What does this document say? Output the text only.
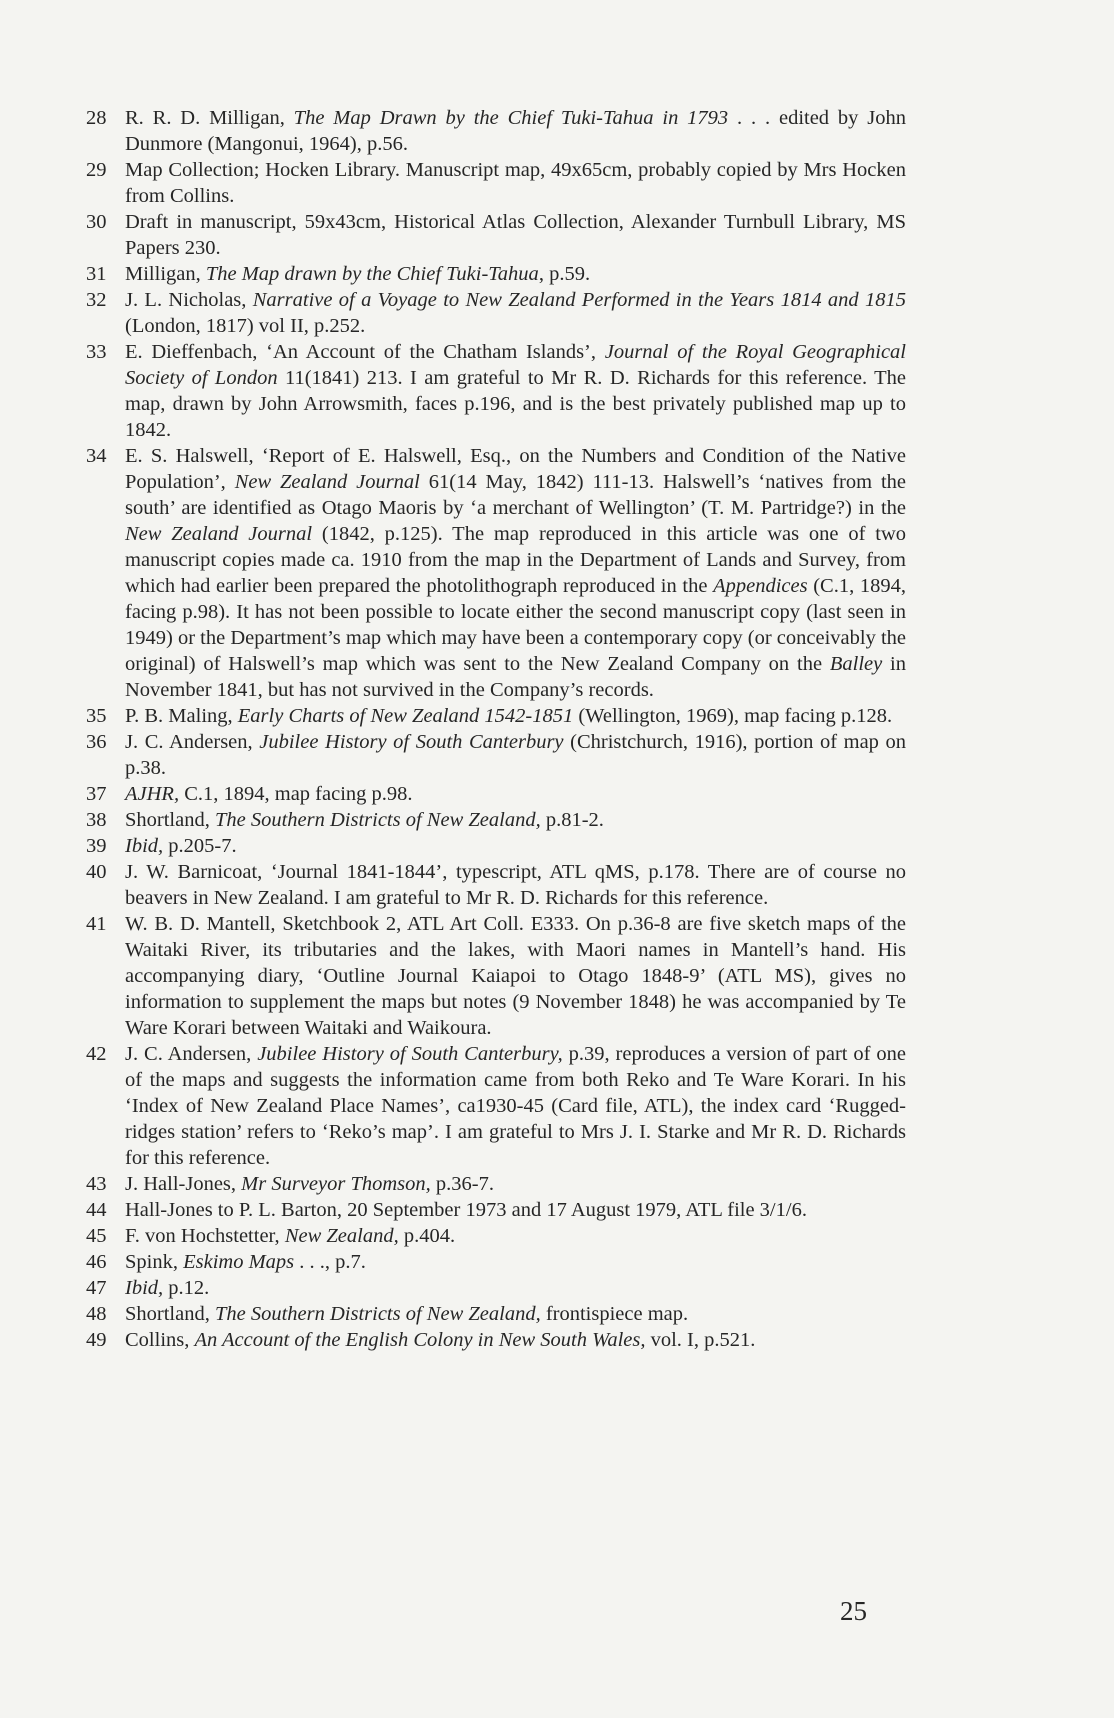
28 R. R. D. Milligan, The Map Drawn by the Chief Tuki-Tahua in 1793 . . . edited by John Dunmore (Mangonui, 1964), p.56.
29 Map Collection; Hocken Library. Manuscript map, 49x65cm, probably copied by Mrs Hocken from Collins.
30 Draft in manuscript, 59x43cm, Historical Atlas Collection, Alexander Turnbull Library, MS Papers 230.
31 Milligan, The Map drawn by the Chief Tuki-Tahua, p.59.
32 J. L. Nicholas, Narrative of a Voyage to New Zealand Performed in the Years 1814 and 1815 (London, 1817) vol II, p.252.
33 E. Dieffenbach, ‘An Account of the Chatham Islands’, Journal of the Royal Geographical Society of London 11(1841) 213. I am grateful to Mr R. D. Richards for this reference. The map, drawn by John Arrowsmith, faces p.196, and is the best privately published map up to 1842.
34 E. S. Halswell, ‘Report of E. Halswell, Esq., on the Numbers and Condition of the Native Population’, New Zealand Journal 61(14 May, 1842) 111-13. Halswell’s ‘natives from the south’ are identified as Otago Maoris by ‘a merchant of Wellington’ (T. M. Partridge?) in the New Zealand Journal (1842, p.125). The map reproduced in this article was one of two manuscript copies made ca. 1910 from the map in the Department of Lands and Survey, from which had earlier been prepared the photolithograph reproduced in the Appendices (C.1, 1894, facing p.98). It has not been possible to locate either the second manuscript copy (last seen in 1949) or the Department’s map which may have been a contemporary copy (or conceivably the original) of Halswell’s map which was sent to the New Zealand Company on the Balley in November 1841, but has not survived in the Company’s records.
35 P. B. Maling, Early Charts of New Zealand 1542-1851 (Wellington, 1969), map facing p.128.
36 J. C. Andersen, Jubilee History of South Canterbury (Christchurch, 1916), portion of map on p.38.
37 AJHR, C.1, 1894, map facing p.98.
38 Shortland, The Southern Districts of New Zealand, p.81-2.
39 Ibid, p.205-7.
40 J. W. Barnicoat, ‘Journal 1841-1844’, typescript, ATL qMS, p.178. There are of course no beavers in New Zealand. I am grateful to Mr R. D. Richards for this reference.
41 W. B. D. Mantell, Sketchbook 2, ATL Art Coll. E333. On p.36-8 are five sketch maps of the Waitaki River, its tributaries and the lakes, with Maori names in Mantell’s hand. His accompanying diary, ‘Outline Journal Kaiapoi to Otago 1848-9’ (ATL MS), gives no information to supplement the maps but notes (9 November 1848) he was accompanied by Te Ware Korari between Waitaki and Waikoura.
42 J. C. Andersen, Jubilee History of South Canterbury, p.39, reproduces a version of part of one of the maps and suggests the information came from both Reko and Te Ware Korari. In his ‘Index of New Zealand Place Names’, ca1930-45 (Card file, ATL), the index card ‘Rugged-ridges station’ refers to ‘Reko’s map’. I am grateful to Mrs J. I. Starke and Mr R. D. Richards for this reference.
43 J. Hall-Jones, Mr Surveyor Thomson, p.36-7.
44 Hall-Jones to P. L. Barton, 20 September 1973 and 17 August 1979, ATL file 3/1/6.
45 F. von Hochstetter, New Zealand, p.404.
46 Spink, Eskimo Maps . . ., p.7.
47 Ibid, p.12.
48 Shortland, The Southern Districts of New Zealand, frontispiece map.
49 Collins, An Account of the English Colony in New South Wales, vol. I, p.521.
25
